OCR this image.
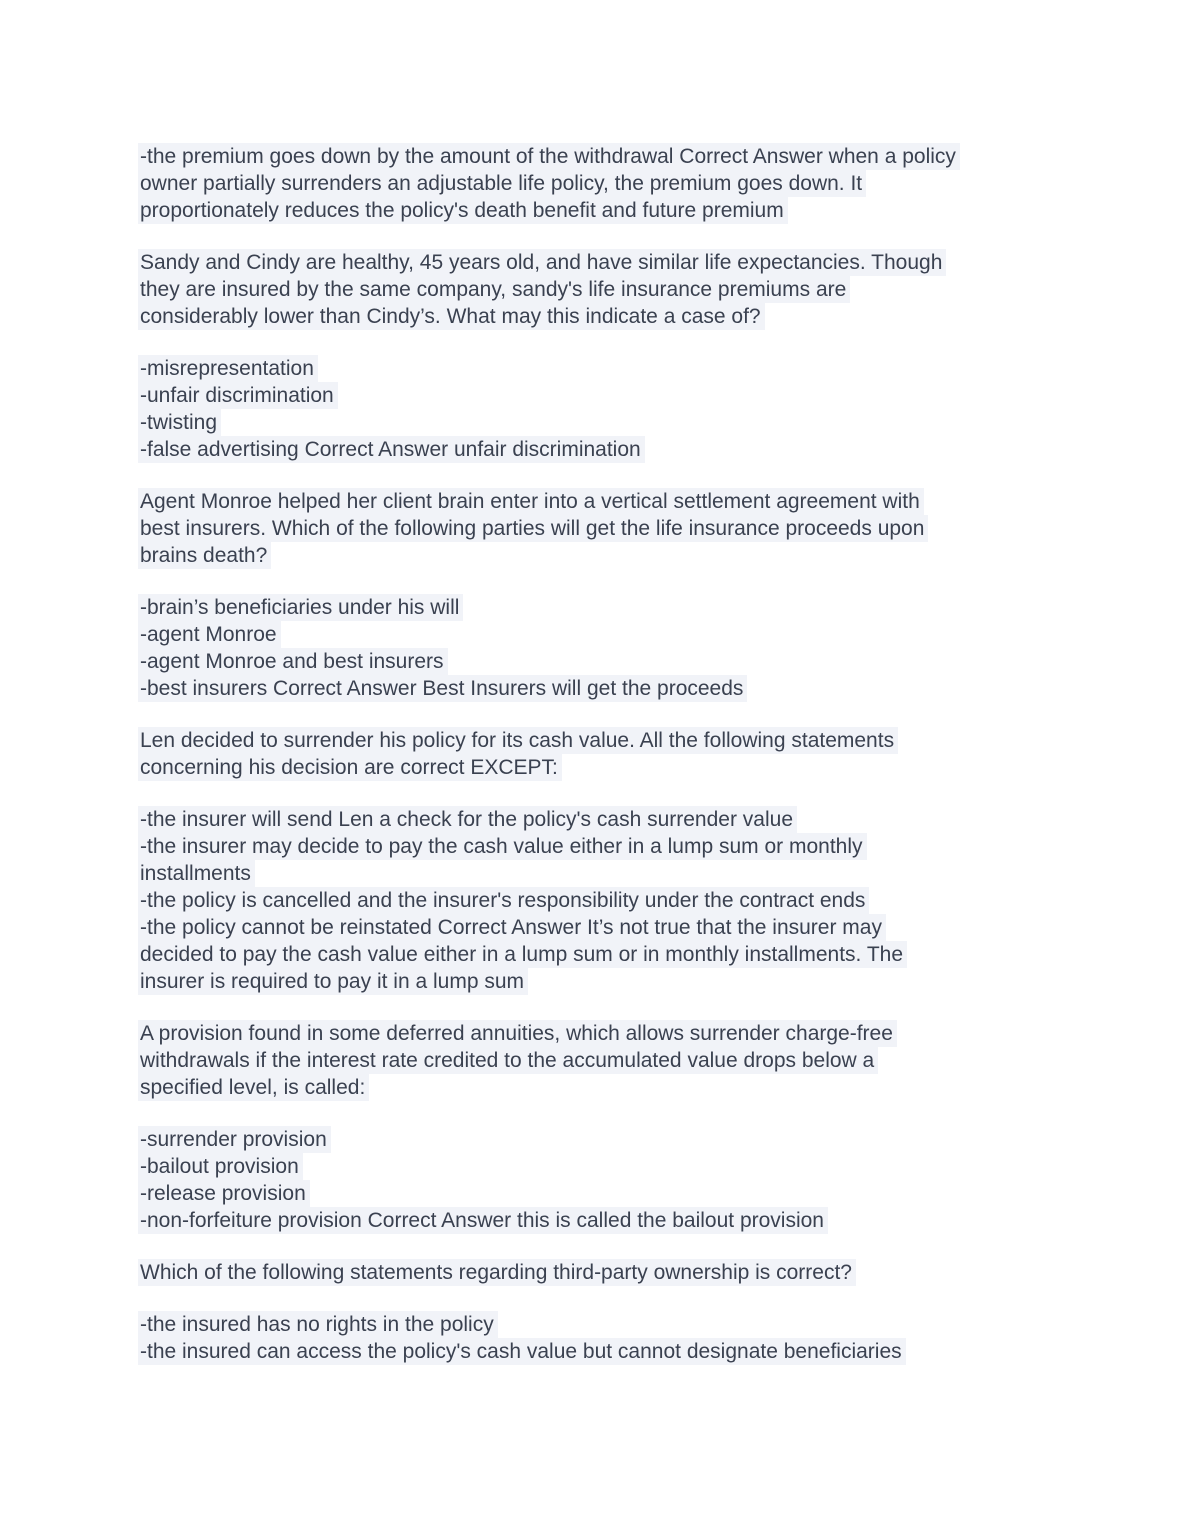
-the premium goes down by the amount of the withdrawal Correct Answer when a policy
owner partially surrenders an adjustable life policy, the premium goes down. It
proportionately reduces the policy's death benefit and future premium
Sandy and Cindy are healthy, 45 years old, and have similar life expectancies. Though
they are insured by the same company, sandy's life insurance premiums are
considerably lower than Cindy’s. What may this indicate a case of?
-misrepresentation
-unfair discrimination
-twisting
-false advertising Correct Answer unfair discrimination
Agent Monroe helped her client brain enter into a vertical settlement agreement with
best insurers. Which of the following parties will get the life insurance proceeds upon
brains death?
-brain’s beneficiaries under his will
-agent Monroe
-agent Monroe and best insurers
-best insurers Correct Answer Best Insurers will get the proceeds
Len decided to surrender his policy for its cash value. All the following statements
concerning his decision are correct EXCEPT:
-the insurer will send Len a check for the policy's cash surrender value
-the insurer may decide to pay the cash value either in a lump sum or monthly
installments
-the policy is cancelled and the insurer's responsibility under the contract ends
-the policy cannot be reinstated Correct Answer It’s not true that the insurer may
decided to pay the cash value either in a lump sum or in monthly installments. The
insurer is required to pay it in a lump sum
A provision found in some deferred annuities, which allows surrender charge-free
withdrawals if the interest rate credited to the accumulated value drops below a
specified level, is called:
-surrender provision
-bailout provision
-release provision
-non-forfeiture provision Correct Answer this is called the bailout provision
Which of the following statements regarding third-party ownership is correct?
-the insured has no rights in the policy
-the insured can access the policy's cash value but cannot designate beneficiaries
